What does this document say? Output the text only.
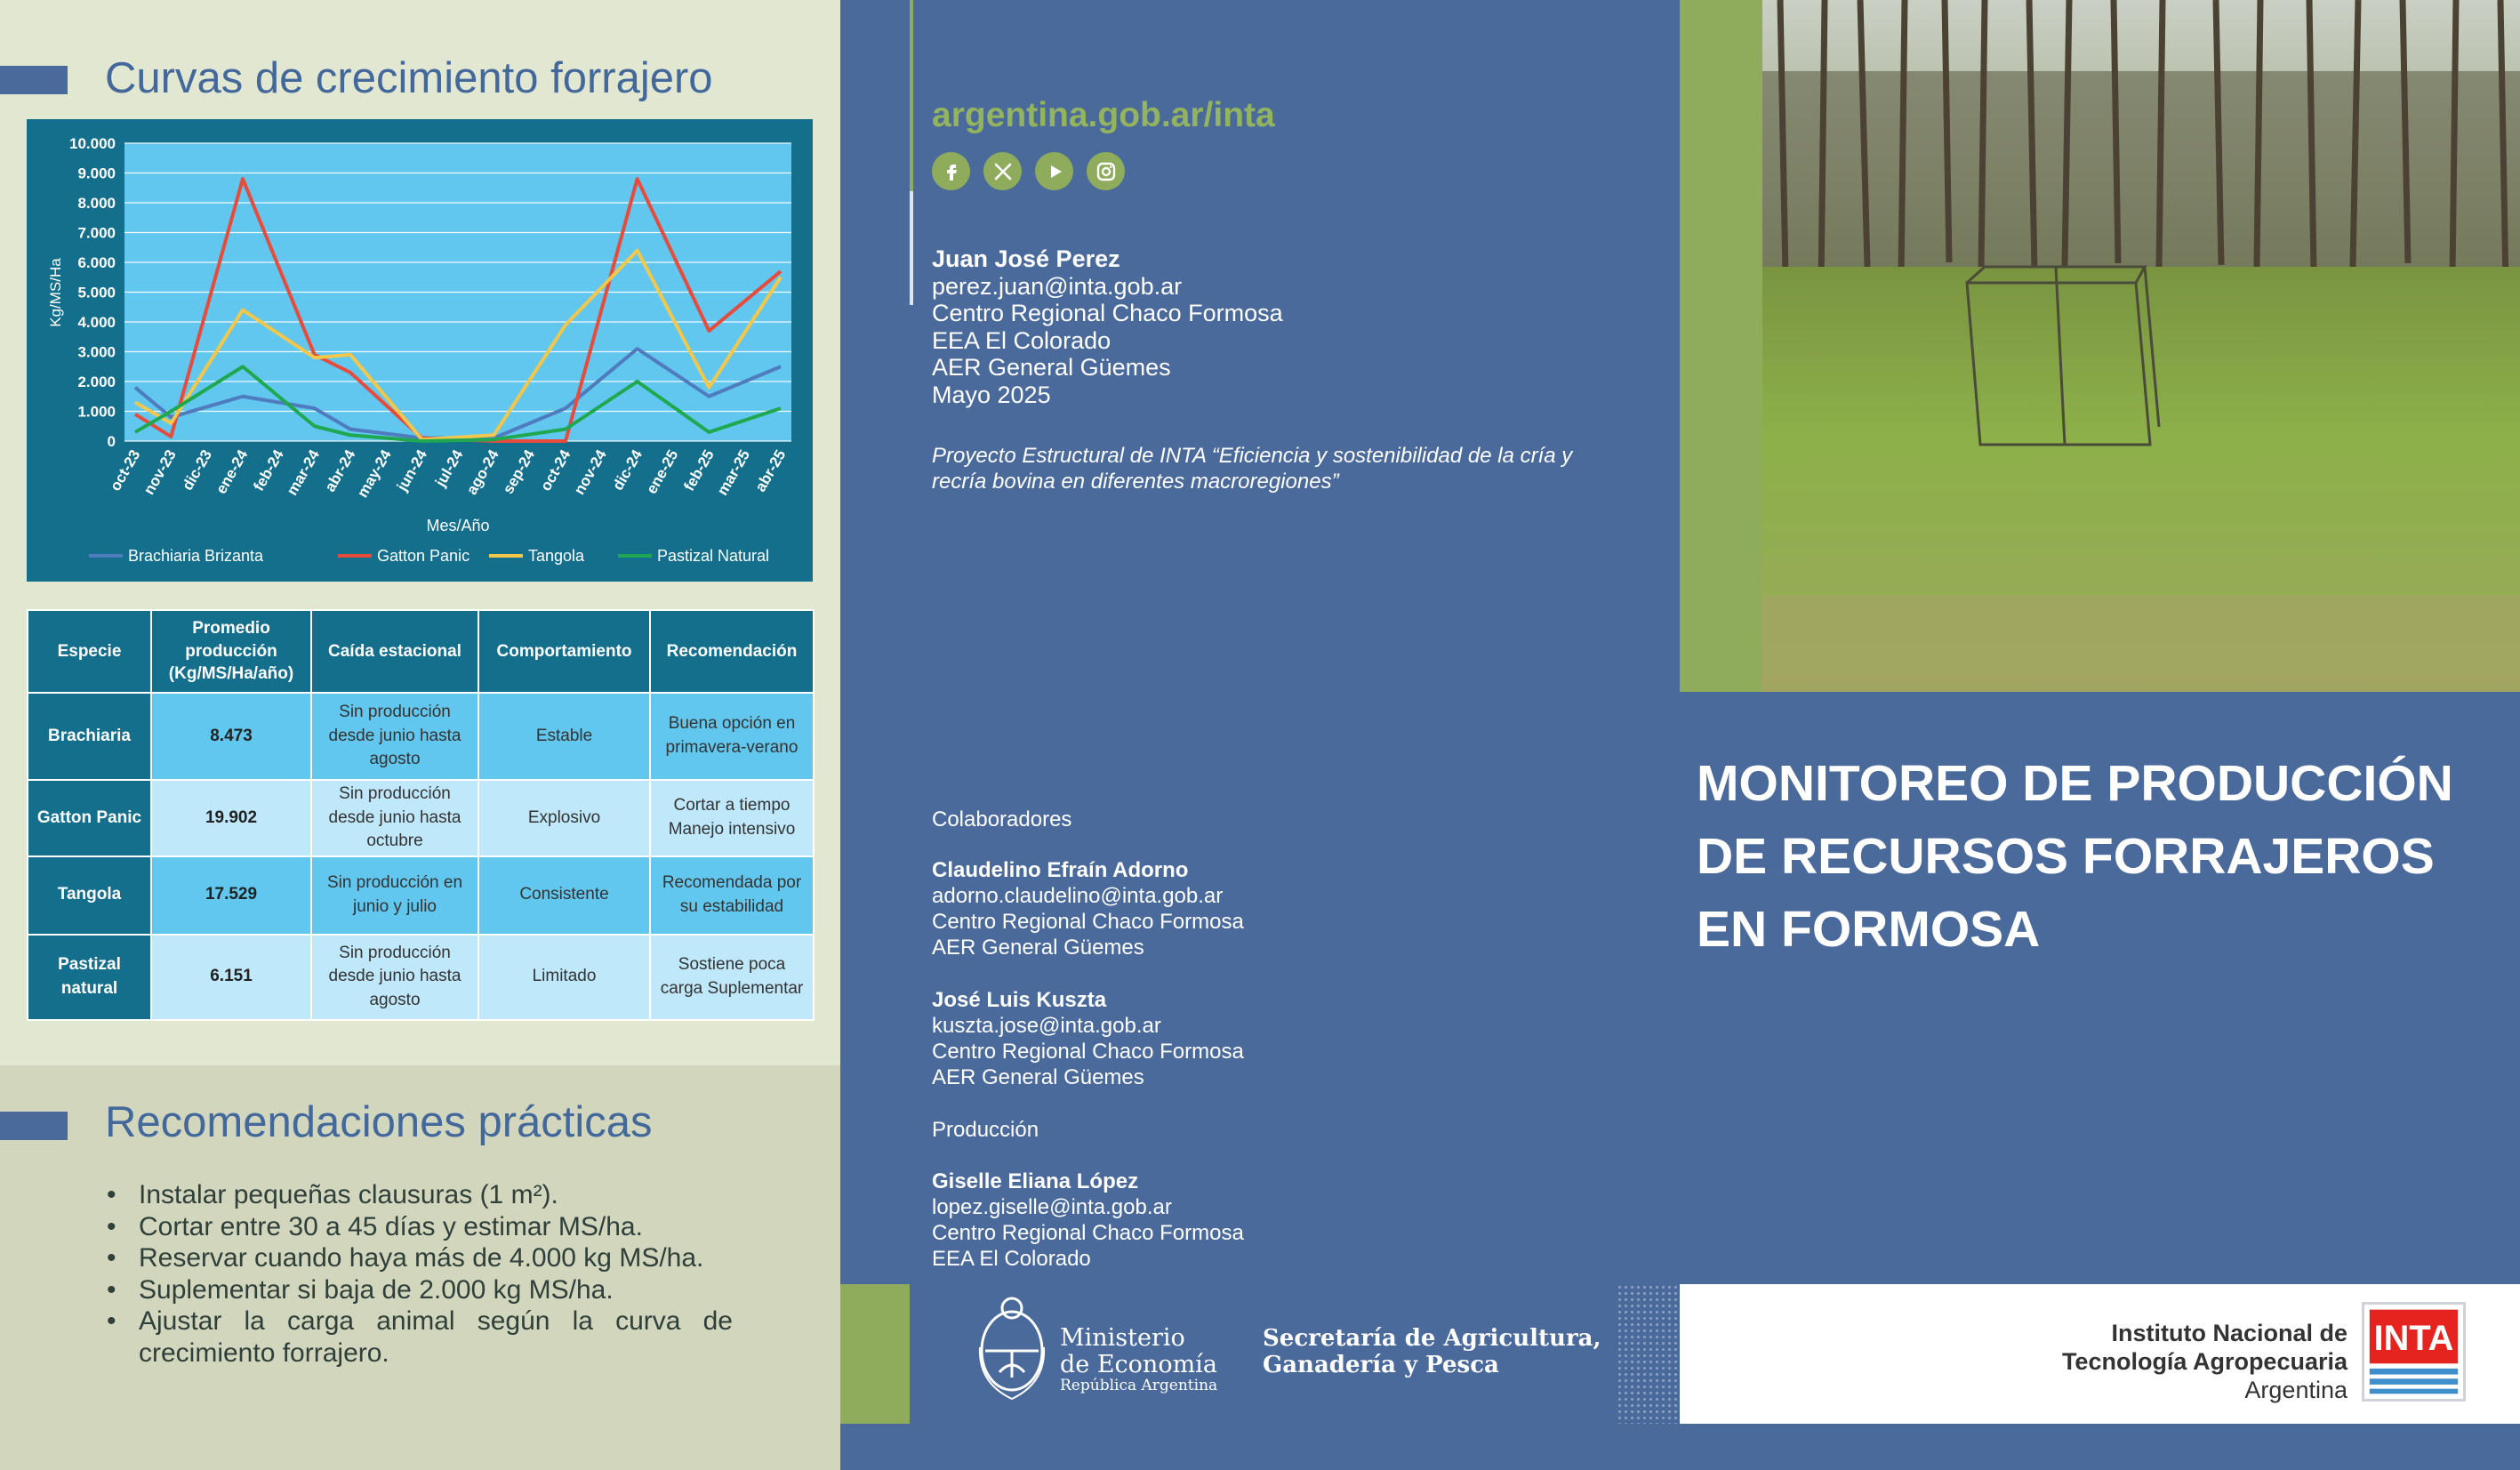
Curvas de crecimiento forrajero
0
1.000
2.000
3.000
4.000
5.000
6.000
7.000
8.000
9.000
10.000
oct-23
nov-23 dic-23
ene-24
feb-24
mar-24
abr-24
may-24
jun-24 jul-24
ago-24
sep-24
oct-24
nov-24 dic-24
ene-25
feb-25
mar-25
abr-25
Kg/MS/Ha
Mes/Año
Brachiaria Brizanta	Gatton Panic	Tangola	Pastizal Natural
Especie	Promedio producción (Kg/MS/Ha/año)	Caída estacional	Comportamiento	Recomendación
Brachiaria	8.473	Sin producción desde junio hasta agosto	Estable	Buena opción en primavera-verano
Gatton Panic	19.902	Sin producción desde junio hasta octubre	Explosivo	Cortar a tiempo Manejo intensivo
Tangola	17.529	Sin producción en junio y julio	Consistente	Recomendada por su estabilidad
Pastizal natural	6.151	Sin producción desde junio hasta agosto	Limitado	Sostiene poca carga Suplementar
Recomendaciones prácticas
• Instalar pequeñas clausuras (1 m²).
• Cortar entre 30 a 45 días y estimar MS/ha.
• Reservar cuando haya más de 4.000 kg MS/ha.
• Suplementar si baja de 2.000 kg MS/ha.
• Ajustar la carga animal según la curva de crecimiento forrajero.
argentina.gob.ar/inta
Juan José Perez
perez.juan@inta.gob.ar
Centro Regional Chaco Formosa
EEA El Colorado
AER General Güemes
Mayo 2025
Proyecto Estructural de INTA “Eficiencia y sostenibilidad de la cría y recría bovina en diferentes macroregiones”
Colaboradores
Claudelino Efraín Adorno
adorno.claudelino@inta.gob.ar
Centro Regional Chaco Formosa
AER General Güemes
José Luis Kuszta
kuszta.jose@inta.gob.ar
Centro Regional Chaco Formosa
AER General Güemes
Producción
Giselle Eliana López
lopez.giselle@inta.gob.ar
Centro Regional Chaco Formosa
EEA El Colorado
Ministerio
de Economía
República Argentina
Secretaría de Agricultura,
Ganadería y Pesca
MONITOREO DE PRODUCCIÓN
DE RECURSOS FORRAJEROS
EN FORMOSA
Instituto Nacional de
Tecnología Agropecuaria
Argentina
INTA
